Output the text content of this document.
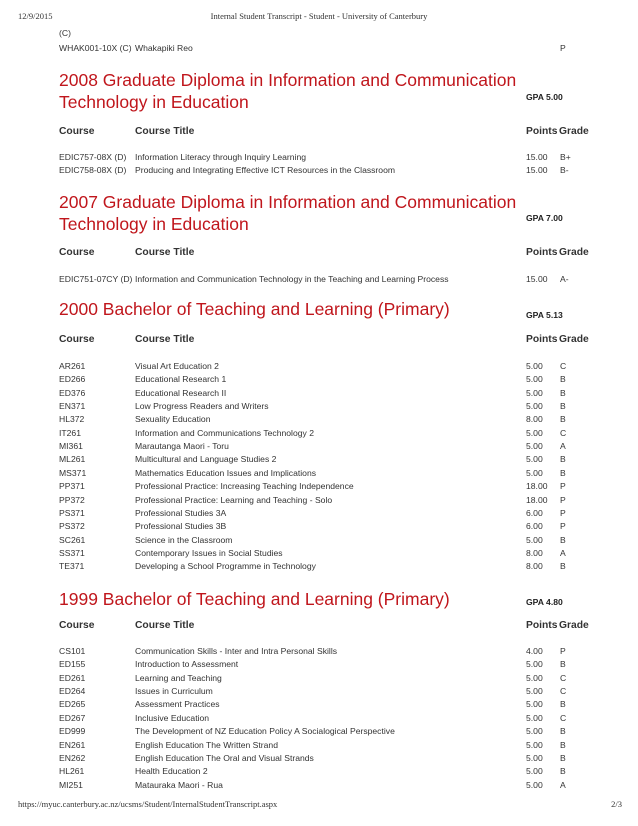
12/9/2015	Internal Student Transcript - Student - University of Canterbury
(C)
WHAK001-10X (C) Whakapiki Reo	P
2008 Graduate Diploma in Information and Communication Technology in Education	GPA 5.00
Course	Course Title	Points Grade
EDIC757-08X (D) Information Literacy through Inquiry Learning	15.00 B+
EDIC758-08X (D) Producing and Integrating Effective ICT Resources in the Classroom	15.00 B-
2007 Graduate Diploma in Information and Communication Technology in Education	GPA 7.00
Course	Course Title	Points Grade
EDIC751-07CY (D) Information and Communication Technology in the Teaching and Learning Process	15.00 A-
2000 Bachelor of Teaching and Learning (Primary)	GPA 5.13
Course	Course Title	Points Grade
AR261	Visual Art Education 2	5.00 C
ED266	Educational Research 1	5.00 B
ED376	Educational Research II	5.00 B
EN371	Low Progress Readers and Writers	5.00 B
HL372	Sexuality Education	8.00 B
IT261	Information and Communications Technology 2	5.00 C
MI361	Marautanga Maori - Toru	5.00 A
ML261	Multicultural and Language Studies 2	5.00 B
MS371	Mathematics Education Issues and Implications	5.00 B
PP371	Professional Practice: Increasing Teaching Independence	18.00 P
PP372	Professional Practice: Learning and Teaching - Solo	18.00 P
PS371	Professional Studies 3A	6.00 P
PS372	Professional Studies 3B	6.00 P
SC261	Science in the Classroom	5.00 B
SS371	Contemporary Issues in Social Studies	8.00 A
TE371	Developing a School Programme in Technology	8.00 B
1999 Bachelor of Teaching and Learning (Primary)	GPA 4.80
Course	Course Title	Points Grade
CS101	Communication Skills - Inter and Intra Personal Skills	4.00 P
ED155	Introduction to Assessment	5.00 B
ED261	Learning and Teaching	5.00 C
ED264	Issues in Curriculum	5.00 C
ED265	Assessment Practices	5.00 B
ED267	Inclusive Education	5.00 C
ED999	The Development of NZ Education Policy A Socialogical Perspective	5.00 B
EN261	English Education The Written Strand	5.00 B
EN262	English Education The Oral and Visual Strands	5.00 B
HL261	Health Education 2	5.00 B
MI251	Matauraka Maori - Rua	5.00 A
https://myuc.canterbury.ac.nz/ucsms/Student/InternalStudentTranscript.aspx	2/3
